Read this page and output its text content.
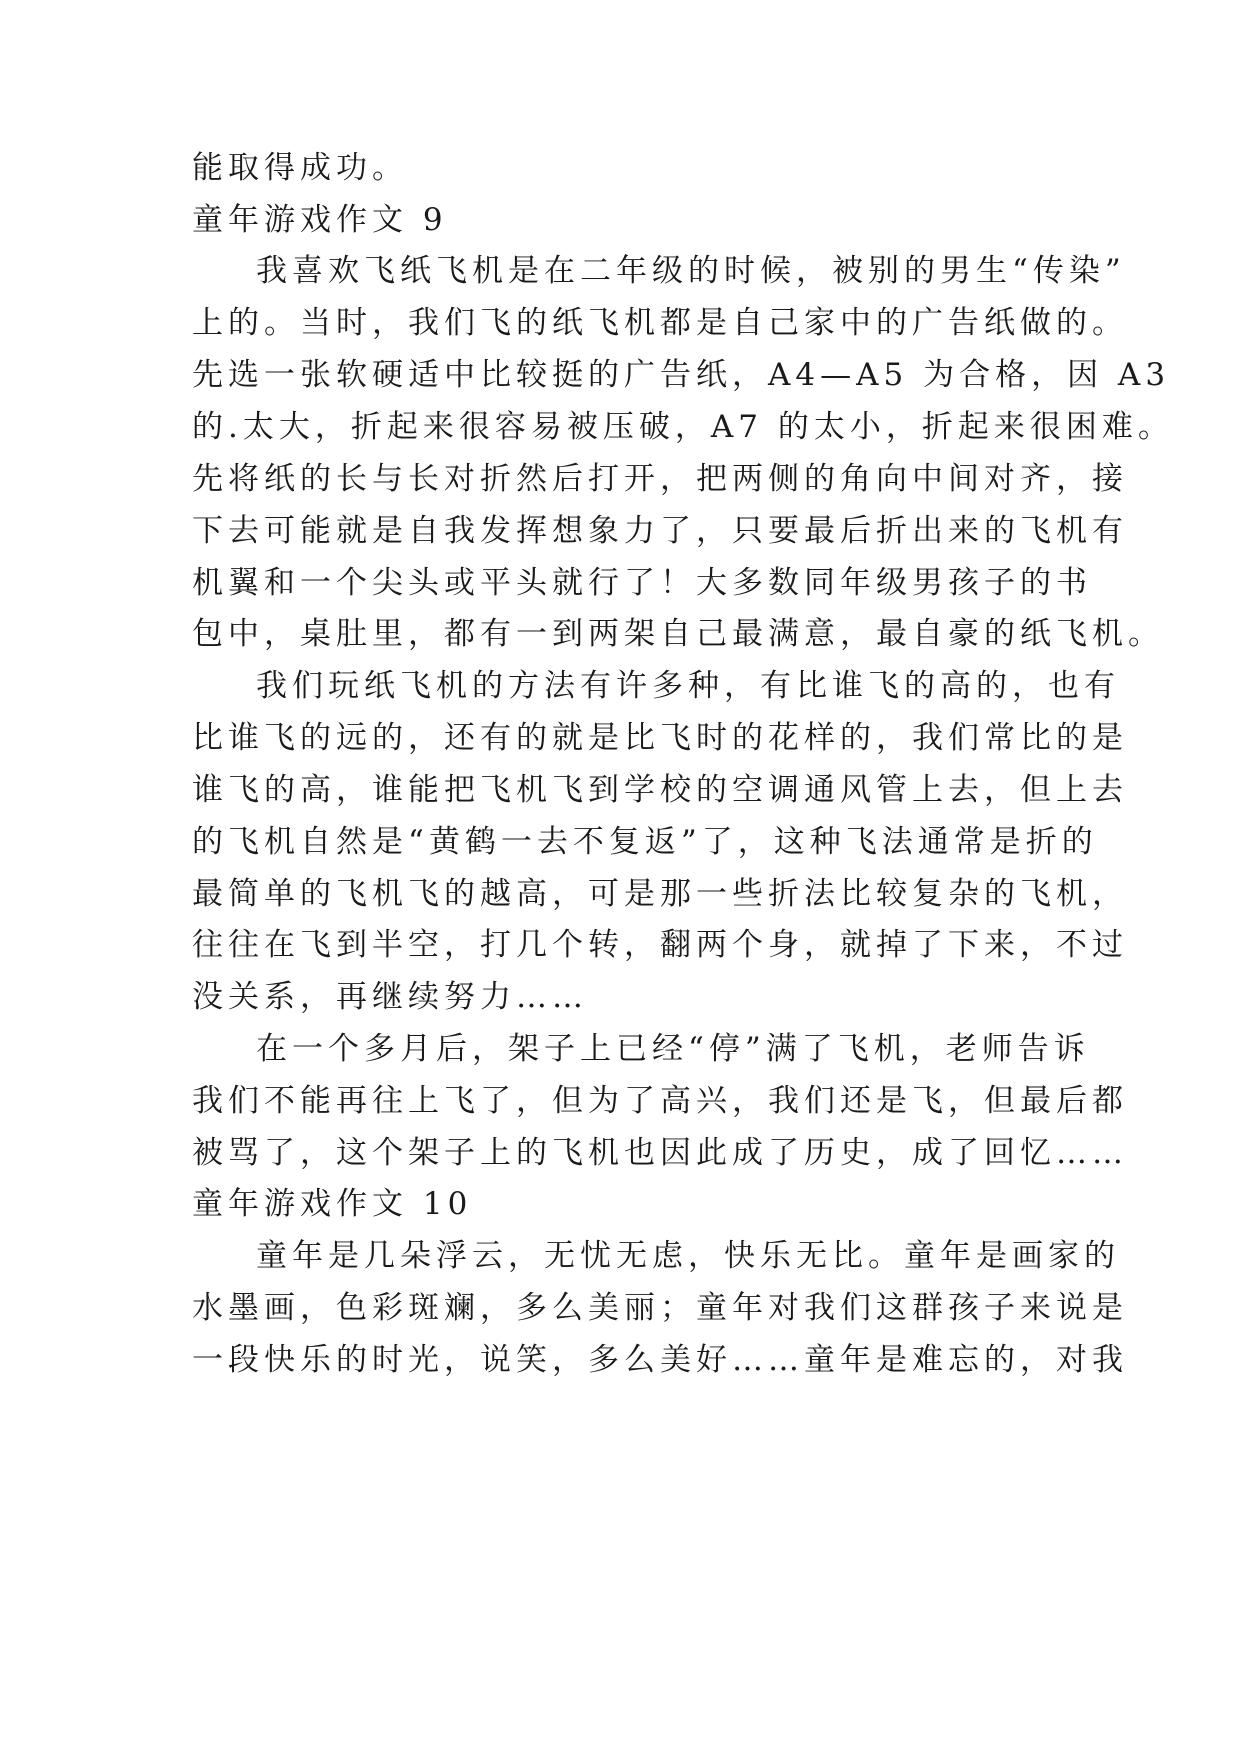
能取得成功。

童年游戏作文 9

我喜欢飞纸飞机是在二年级的时候，被别的男生“传染”

上的。当时，我们飞的纸飞机都是自己家中的广告纸做的。

先选一张软硬适中比较挺的广告纸，A4—A5 为合格，因 A3

的.太大，折起来很容易被压破，A7 的太小，折起来很困难。

先将纸的长与长对折然后打开，把两侧的角向中间对齐，接

下去可能就是自我发挥想象力了，只要最后折出来的飞机有

机翼和一个尖头或平头就行了！大多数同年级男孩子的书

包中，桌肚里，都有一到两架自己最满意，最自豪的纸飞机。

我们玩纸飞机的方法有许多种，有比谁飞的高的，也有

比谁飞的远的，还有的就是比飞时的花样的，我们常比的是

谁飞的高，谁能把飞机飞到学校的空调通风管上去，但上去

的飞机自然是“黄鹤一去不复返”了，这种飞法通常是折的

最简单的飞机飞的越高，可是那一些折法比较复杂的飞机，

往往在飞到半空，打几个转，翻两个身，就掉了下来，不过

没关系，再继续努力……

在一个多月后，架子上已经“停”满了飞机，老师告诉

我们不能再往上飞了，但为了高兴，我们还是飞，但最后都

被骂了，这个架子上的飞机也因此成了历史，成了回忆……

童年游戏作文 10

童年是几朵浮云，无忧无虑，快乐无比。童年是画家的

水墨画，色彩斑斓，多么美丽；童年对我们这群孩子来说是

一段快乐的时光，说笑，多么美好……童年是难忘的，对我
